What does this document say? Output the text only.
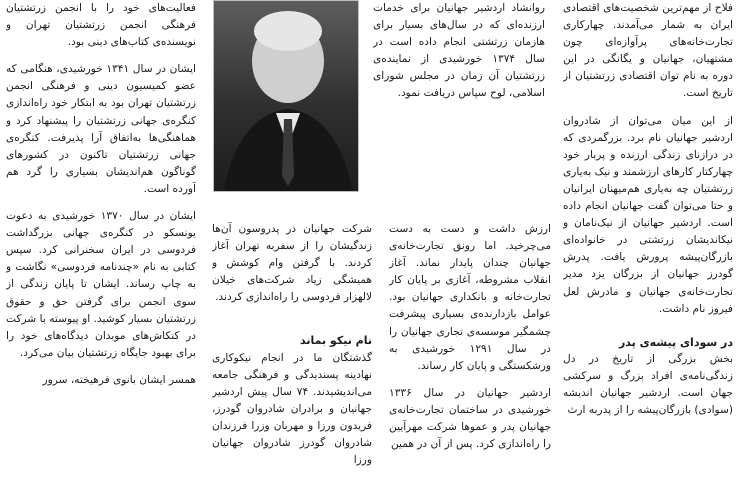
فلاح از مهم‌ترین شخصیت‌های اقتصادی ایران به شمار می‌آمدند. چهارکاری تجارت‌خانه‌های پرآوازه‌ای چون مشتهیان، جهانیان و یگانگی در این دوره به نام توان اقتصادی زرتشتیان از تاریخ است.

از این میان می‌توان از شادروان اردشیر جهانیان نام برد. بزرگمردی که در درازنای زندگی ارزنده و پربار خود چهارکتار کارهای ارزشمند و نیک به‌یاری زرتشتیان چه به‌یاری هم‌میهنان ایرانیان و حتا می‌توان گفت جهانیان انجام داده است. اردشیر جهانیان از نیک‌نامان و نیکاندیشان زرتشتی در خانواده‌ای بازرگان‌پیشه پرورش یافت. پدرش گودرز جهانیان از بزرگان یزد مدیر تجارت‌خانه‌ی جهانیان و مادرش لعل فیروز نام داشت.

در سودای پیشه‌ی پدر

بخش بزرگی از تاریخ در دل زندگی‌نامه‌ی افراد بزرگ و سرکشی جهان است. اردشیر جهانیان اندیشه (سوادی) بازرگان‌پیشه را از پدربه ارث

ارزش داشت و دست به دست می‌چرخید. اما رونق تجارت‌خانه‌ی جهانیان چندان پایدار نماند. آغاز انقلاب مشروطه، آغازی بر پایان کار تجارت‌خانه و بانکداری جهانیان بود. عوامل بازدارنده‌ی بسیاری پیشرفت چشمگیر موسسه‌ی تجاری جهانیان را در سال ۱۲۹۱ خورشیدی به ورشکستگی و پایان کار رساند.

اردشیر جهانیان در سال ۱۳۳۶ خورشیدی در ساختمان تجارت‌خانه‌ی جهانیان پدر و عموها شرکت مهرآیین را راه‌اندازی کرد. پس از آن در همین

روانشاد اردشیر جهانیان برای خدمات ارزنده‌ای که در سال‌های بسیار برای هازمان زرتشتی انجام داده است در سال ۱۳۷۴ خورشیدی از نماینده‌ی زرتشتیان آن زمان در مجلس شورای اسلامی، لوح سپاس دریافت نمود.

شرکت جهانیان در پدروسون آن‌ها زندگیشان را از سفربه تهران آغاز کردند. با گرفتن وام کوشش و همیشگی زیاد شرکت‌های خیلان لالهزار فردوسی را راه‌اندازی کردند.

نام نیکو بماند

گذشتگان ما در انجام نیکوکاری نهادینه پسندیدگی و فرهنگی جامعه می‌اندیشیدند. ۷۴ سال پیش اردشیر جهانیان و برادران شادروان گودرز، فریدون ورزا و مهربان وزرا فرزندان شادروان گودرز شادروان جهانیان ورزا

فعالیت‌های خود را با انجمن زرتشتیان فرهنگی انجمن زرتشتیان تهران و نویسنده‌ی کتاب‌های دینی بود.

ایشان در سال ۱۳۴۱ خورشیدی، هنگامی که عضو کمیسیون دینی و فرهنگی انجمن زرتشتیان تهران بود به ابتکار خود راه‌اندازی کنگره‌ی جهانی زرتشتیان را پیشنهاد کرد و هماهنگی‌ها به‌اتفاق آرا پذیرفت. کنگره‌ی جهانی زرتشتیان تاکنون در کشورهای گوناگون هم‌اندیشان بسیاری را گرد هم آورده است.

ایشان در سال ۱۳۷۰ خورشیدی به دعوت یونسکو در کنگره‌ی جهانی بزرگداشت فردوسی در ایران سخنرانی کرد. سپس کتابی به نام «چندنامه فردوسی» نگاشت و به چاپ رساند. ایشان تا پایان زندگی از سوی انجمن برای گرفتن حق و حقوق زرتشتیان بسیار کوشید. او پیوسته با شرکت در کنکاش‌های موبدان دیدگاه‌های خود را برای بهبود جایگاه زرتشتیان بیان می‌کرد.

همسر ایشان بانوی فرهیخته، سرور
